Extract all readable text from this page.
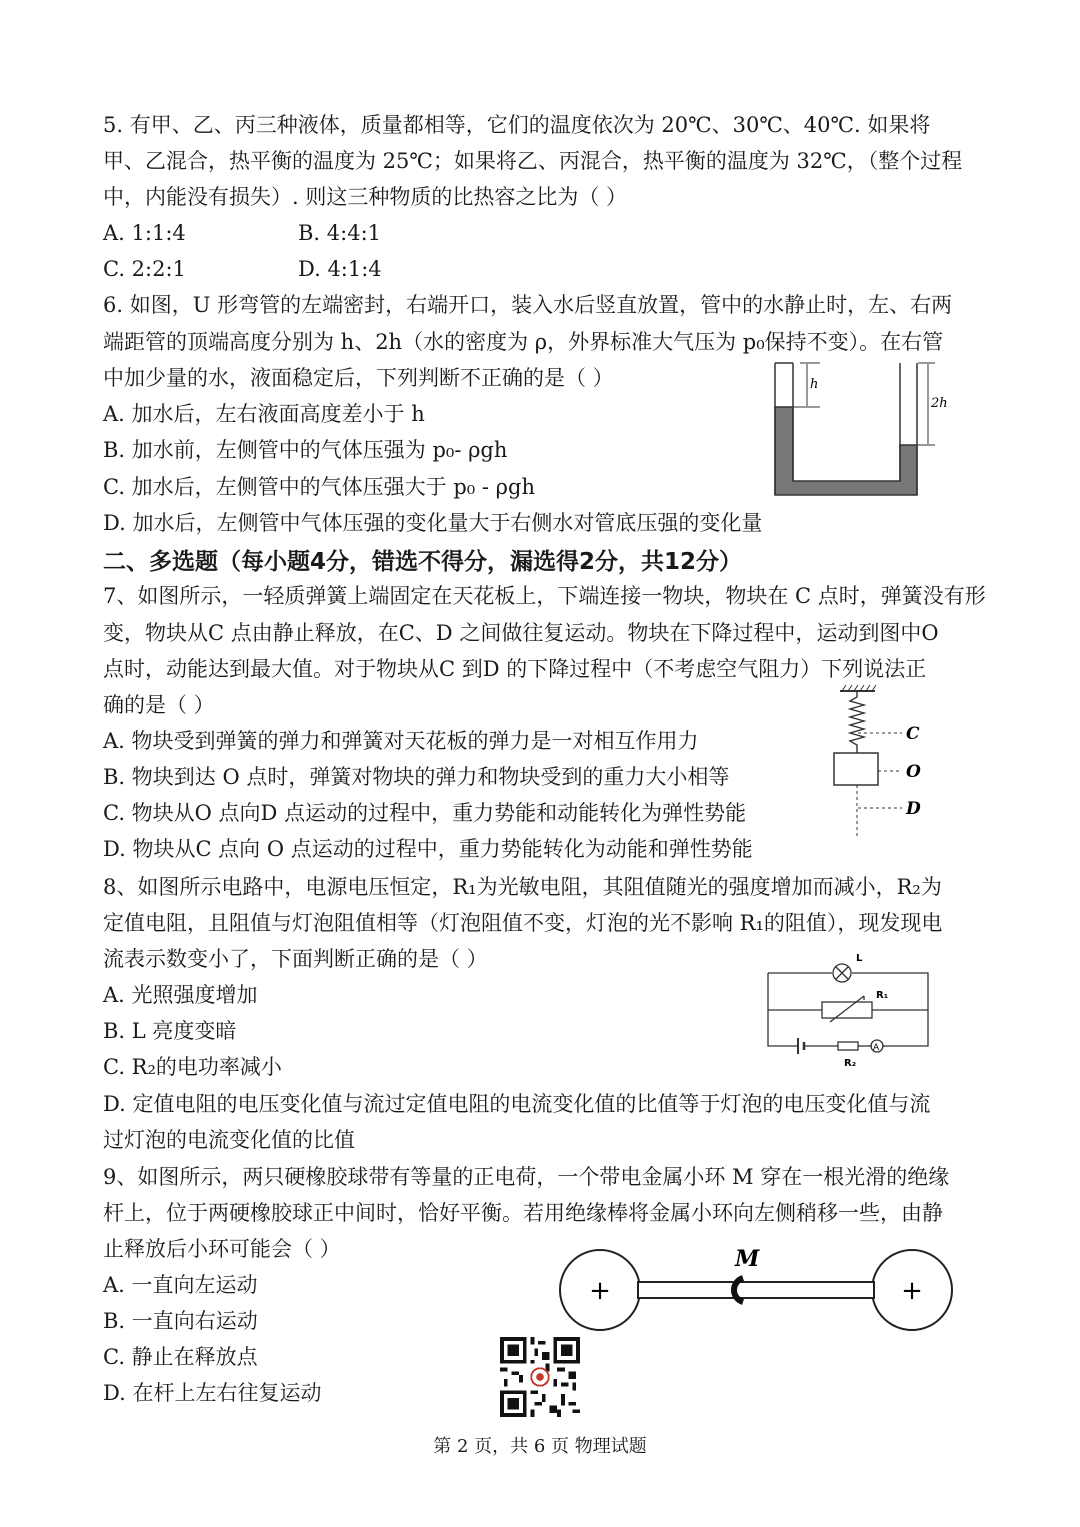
5. 有甲、乙、丙三种液体，质量都相等，它们的温度依次为 20℃、30℃、40℃. 如果将
甲、乙混合，热平衡的温度为 25℃；如果将乙、丙混合，热平衡的温度为 32℃，（整个过程
中，内能没有损失）. 则这三种物质的比热容之比为（ ）
A. 1:1:4	B. 4:4:1
C. 2:2:1	D. 4:1:4
6. 如图，U 形弯管的左端密封，右端开口，装入水后竖直放置，管中的水静止时，左、右两
端距管的顶端高度分别为 h、2h（水的密度为 ρ，外界标准大气压为 p₀保持不变）。在右管
中加少量的水，液面稳定后，下列判断不正确的是（ ）
A. 加水后，左右液面高度差小于 h
B. 加水前，左侧管中的气体压强为 p₀- ρgh
C. 加水后，左侧管中的气体压强大于 p₀ - ρgh
D. 加水后，左侧管中气体压强的变化量大于右侧水对管底压强的变化量
h
2h
二、多选题（每小题4分，错选不得分，漏选得2分，共12分）
7、如图所示，一轻质弹簧上端固定在天花板上，下端连接一物块，物块在 C 点时，弹簧没有形
变，物块从C 点由静止释放，在C、D 之间做往复运动。物块在下降过程中，运动到图中O
点时，动能达到最大值。对于物块从C 到D 的下降过程中（不考虑空气阻力）下列说法正
确的是（ ）
A. 物块受到弹簧的弹力和弹簧对天花板的弹力是一对相互作用力
B. 物块到达 O 点时，弹簧对物块的弹力和物块受到的重力大小相等
C. 物块从O 点向D 点运动的过程中，重力势能和动能转化为弹性势能
D. 物块从C 点向 O 点运动的过程中，重力势能转化为动能和弹性势能
C
O
D
8、如图所示电路中，电源电压恒定，R₁为光敏电阻，其阻值随光的强度增加而减小，R₂为
定值电阻，且阻值与灯泡阻值相等（灯泡阻值不变，灯泡的光不影响 R₁的阻值），现发现电
流表示数变小了，下面判断正确的是（ ）
A. 光照强度增加
B. L 亮度变暗
C. R₂的电功率减小
D. 定值电阻的电压变化值与流过定值电阻的电流变化值的比值等于灯泡的电压变化值与流
过灯泡的电流变化值的比值
L
R₁
R₂
A
9、如图所示，两只硬橡胶球带有等量的正电荷，一个带电金属小环 M 穿在一根光滑的绝缘
杆上，位于两硬橡胶球正中间时，恰好平衡。若用绝缘棒将金属小环向左侧稍移一些，由静
止释放后小环可能会（ ）
A. 一直向左运动
B. 一直向右运动
C. 静止在释放点
D. 在杆上左右往复运动
+	+
M
第 2 页，共 6 页 物理试题
